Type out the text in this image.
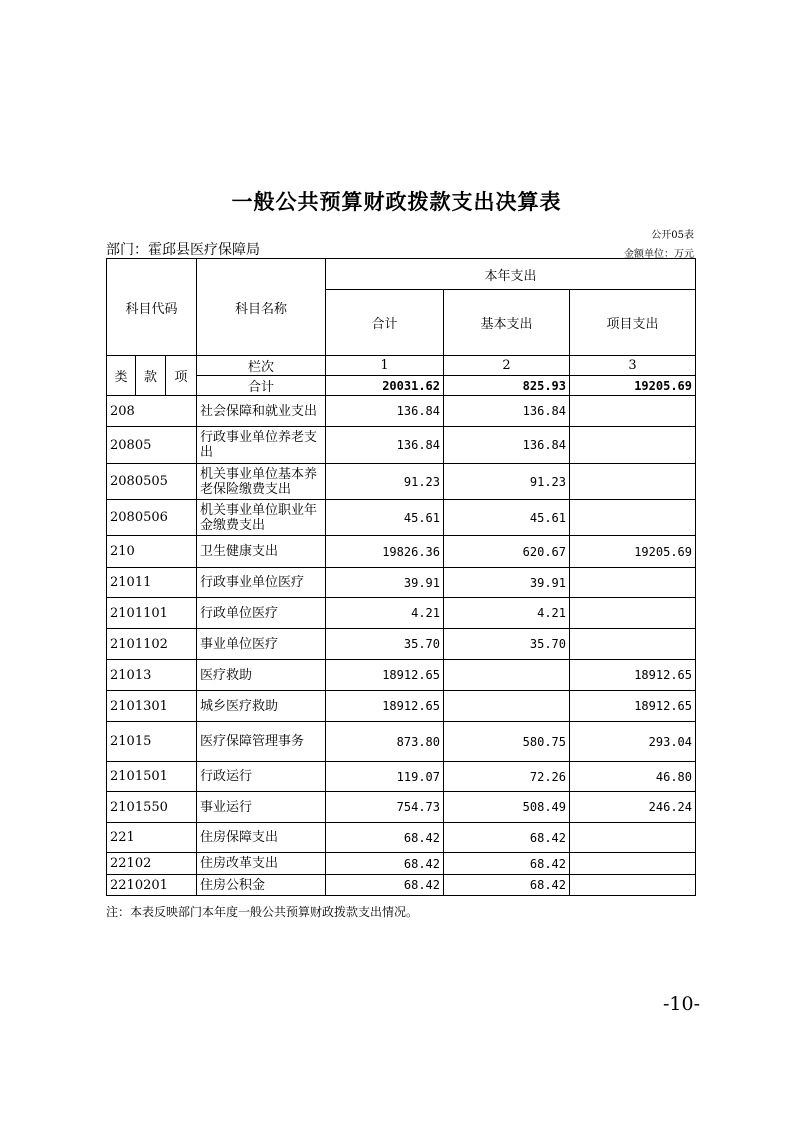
一般公共预算财政拨款支出决算表
公开05表
部门：霍邱县医疗保障局	金额单位：万元
科目代码			科目名称	本年支出		
				合计	基本支出	项目支出
类	款	项	栏次	1	2	3
			合计	20031.62	825.93	19205.69
208			社会保障和就业支出	136.84	136.84	
20805			行政事业单位养老支出	136.84	136.84	
2080505			机关事业单位基本养老保险缴费支出	91.23	91.23	
2080506			机关事业单位职业年金缴费支出	45.61	45.61	
210			卫生健康支出	19826.36	620.67	19205.69
21011			行政事业单位医疗	39.91	39.91	
2101101			行政单位医疗	4.21	4.21	
2101102			事业单位医疗	35.70	35.70	
21013			医疗救助	18912.65		18912.65
2101301			城乡医疗救助	18912.65		18912.65
21015			医疗保障管理事务	873.80	580.75	293.04
2101501			行政运行	119.07	72.26	46.80
2101550			事业运行	754.73	508.49	246.24
221			住房保障支出	68.42	68.42	
22102			住房改革支出	68.42	68.42	
2210201			住房公积金	68.42	68.42	
注：本表反映部门本年度一般公共预算财政拨款支出情况。
-10-
